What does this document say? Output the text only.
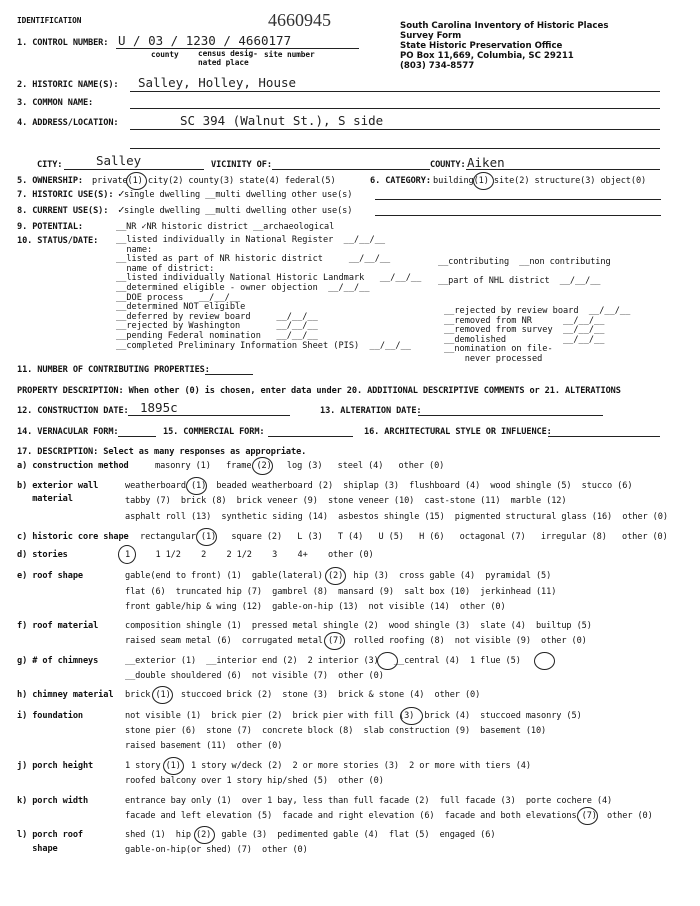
IDENTIFICATION	4660945	South Carolina Inventory of Historic Places
Survey Form
State Historic Preservation Office
PO Box 11,669, Columbia, SC 29211
(803) 734-8577
1. CONTROL NUMBER: U / 03 / 1230 / 4660177
county census desig- nated place
site number
2. HISTORIC NAME(S): Salley, Holley, House
3. COMMON NAME:
4. ADDRESS/LOCATION:	SC 394 (Walnut St.), S side
CITY:	Salley	VICINITY OF:	COUNTY: Aiken
5. OWNERSHIP: private(1) city(2) county(3) state(4) federal(5)	6. CATEGORY: building(1) site(2) structure(3) object(0)
7. HISTORIC USE(S): single dwelling __multi dwelling other use(s)
✓
8. CURRENT USE(S): single dwelling __multi dwelling other use(s)
✓
9. POTENTIAL:	__NR ✓NR historic district __archaeological
10. STATUS/DATE: __listed individually in National Register  __/__/__
name:
__listed as part of NR historic district     __/__/__
name of district:
__listed individually National Historic Landmark   __/__/__
__determined eligible - owner objection  __/__/__
__DOE process   __/__/__
__determined NOT eligible
__deferred by review board     __/__/__
__rejected by Washington       __/__/__
__pending Federal nomination   __/__/__
__completed Preliminary Information Sheet (PIS)  __/__/__
__contributing  __non contributing
__part of NHL district  __/__/__
__rejected by review board  __/__/__
__removed from NR      __/__/__
__removed from survey  __/__/__
__demolished           __/__/__
__nomination on file-
never processed
11. NUMBER OF CONTRIBUTING PROPERTIES:
PROPERTY DESCRIPTION: When other (0) is chosen, enter data under 20. ADDITIONAL DESCRIPTIVE COMMENTS or 21. ALTERATIONS
12. CONSTRUCTION DATE: 1895c	13. ALTERATION DATE:
14. VERNACULAR FORM:	15. COMMERCIAL FORM:	16. ARCHITECTURAL STYLE OR INFLUENCE:
17. DESCRIPTION: Select as many responses as appropriate.
a) construction method	masonry (1)   frame (2)   log (3)   steel (4)   other (0)
b) exterior wall
material
weatherboard (1)  beaded weatherboard (2)  shiplap (3)  flushboard (4)  wood shingle (5)  stucco (6)
tabby (7)  brick (8)  brick veneer (9)  stone veneer (10)  cast-stone (11)  marble (12)
asphalt roll (13)  synthetic siding (14)  asbestos shingle (15)  pigmented structural glass (16)  other (0)
c) historic core shape rectangular (1)   square (2)   L (3)   T (4)   U (5)   H (6)   octagonal (7)   irregular (8)   other (0)
d) stories	1     1 1/2    2    2 1/2    3    4+    other (0)
e) roof shape	gable(end to front) (1)  gable(lateral) (2)  hip (3)  cross gable (4)  pyramidal (5)
flat (6)  truncated hip (7)  gambrel (8)  mansard (9)  salt box (10)  jerkinhead (11)
front gable/hip & wing (12)  gable-on-hip (13)  not visible (14)  other (0)
f) roof material	composition shingle (1)  pressed metal shingle (2)  wood shingle (3)  slate (4)  builtup (5)
raised seam metal (6)  corrugated metal (7)  rolled roofing (8)  not visible (9)  other (0)
g) # of chimneys	__exterior (1)  __interior end (2)  2 interior (3)   __central (4)  1 flue (5)
__double shouldered (6)  not visible (7)  other (0)
h) chimney material brick (1)  stuccoed brick (2)  stone (3)  brick & stone (4)  other (0)
i) foundation	not visible (1)  brick pier (2)  brick pier with fill (3)  brick (4)  stuccoed masonry (5)
stone pier (6)  stone (7)  concrete block (8)  slab construction (9)  basement (10)
raised basement (11)  other (0)
j) porch height	1 story (1)  1 story w/deck (2)  2 or more stories (3)  2 or more with tiers (4)
roofed balcony over 1 story hip/shed (5)  other (0)
k) porch width	entrance bay only (1)  over 1 bay, less than full facade (2)  full facade (3)  porte cochere (4)
facade and left elevation (5)  facade and right elevation (6)  facade and both elevations (7)  other (0)
l) porch roof
shape
shed (1)  hip (2)  gable (3)  pedimented gable (4)  flat (5)  engaged (6)
gable-on-hip(or shed) (7)  other (0)
